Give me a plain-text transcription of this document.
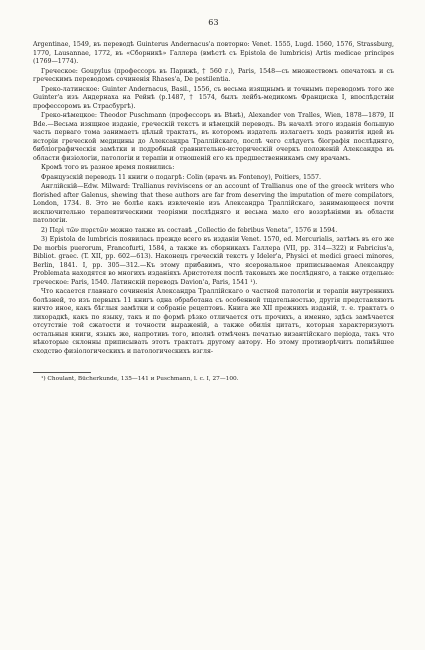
63

Argentinae, 1549, въ переводѣ Guinterus Andernacus'а повторно: Venet. 1555, Lugd. 1560, 1576, Strassburg, 1770, Lausannae, 1772, въ «Сборникѣ» Галлера (вмѣстѣ съ Epistola de lumbricis) Artis medicae principes (1769—1774).

Греческое: Goupylus (профессоръ въ Парижѣ, † 560 г.), Paris, 1548—съ множествомъ опечатокъ и съ греческимъ переводомъ сочиненія Rhases'а, De pestilentia.

Греко-латинское: Guinter Andernacus, Basil., 1556, съ весьма изящнымъ и точнымъ переводомъ того же Guinter'а изъ Андернаха на Рейнѣ (p.1487, † 1574, былъ лейбъ-медикомъ Франциска I, впослѣдствіи профессоромъ въ Страсбургѣ).

Греко-нѣмецкое: Theodor Puschmann (профессоръ въ Вѣнѣ), Alexander von Tralles, Wien, 1878—1879, II Bde.—Весьма изящное изданіе, греческій текстъ и нѣмецкій переводъ. Въ началѣ этого изданія большую часть перваго тома занимаетъ цѣлый трактатъ, въ которомъ издатель излагаетъ ходъ развитія идей въ исторіи греческой медицины до Александра Траллійскаго, послѣ чего слѣдуетъ біографія послѣдняго, библіографическія замѣтки и подробный сравнительно-историческій очеркъ положеній Александра въ области физіологіи, патологіи и терапіи и отношеній его къ предшественникамъ сму врачамъ.

Кромѣ того въ разное время появились:

Французскій переводъ 11 книги о подагрѣ: Colin (врачъ въ Fontenoy), Poitiers, 1557.

Англійскій—Edw. Milward: Trallianus reviviscens or an account of Trallianus one of the greeck writers who florished after Galenus, shewing that these authors are far from deserving the imputation of mere compilators, London, 1734. 8. Это не болѣе какъ извлеченіе изъ Александра Траллійскаго, занимающееся почти исключительно терапевтическими теоріями послѣдняго и весьма мало его воззрѣніями въ области патологіи.

2) Περὶ τῶν πυρετῶν можно также въ составѣ „Collectio de febribus Veneta“, 1576 и 1594.

3) Epistola de lumbricis появилась прежде всего въ изданіи Venet. 1570, ed. Mercurialis, затѣмъ въ его же De morbis puerorum, Francofurti, 1584, а также въ сборникахъ Галлера (VII, pp. 314—322) и Fabricius'a, Bibliot. graec. (T. XII, pp. 602—613). Наконецъ греческій текстъ у Ideler'a, Physici et medici graeci minores, Berlin, 1841. I, pp. 305—312.—Къ этому прибавимъ, что ясерональное приписываемая Александру Problemata находятся во многихъ изданіяхъ Аристотеля послѣ таковыхъ же послѣдняго, а также отдельно: греческое: Paris, 1540. Латинскій переводъ Davion'a, Paris, 1541 ¹).

Что касается главнаго сочиненія Александра Траллійскаго о частной патологіи и терапіи внутреннихъ болѣзней, то изъ первыхъ 11 книгъ одна обработана съ особенной тщательностью, другія представляютъ ничто иное, какъ бѣглыя замѣтки и собраніе рецептовъ. Книга же XII прежнихъ изданій, т. е. трактатъ о лихорадкѣ, какъ по языку, такъ и по формѣ рѣзко отличается отъ прочихъ, а именно, здѣсь замѣчается отсутствіе той сжатости и точности выраженій, а также обилія цитатъ, которыя характеризуютъ остальныя книги, языкъ же, напротивъ того, вполнѣ отмѣченъ печатью византійскаго періода, такъ что нѣкоторые склонны приписывать этотъ трактатъ другому автору. Но этому противорѣчитъ полнѣйшее сходство физіологическихъ и патологическихъ взгля-

¹) Choulant, Bücherkunde, 135—141 и Puschmann, l. c. I, 27—100.
